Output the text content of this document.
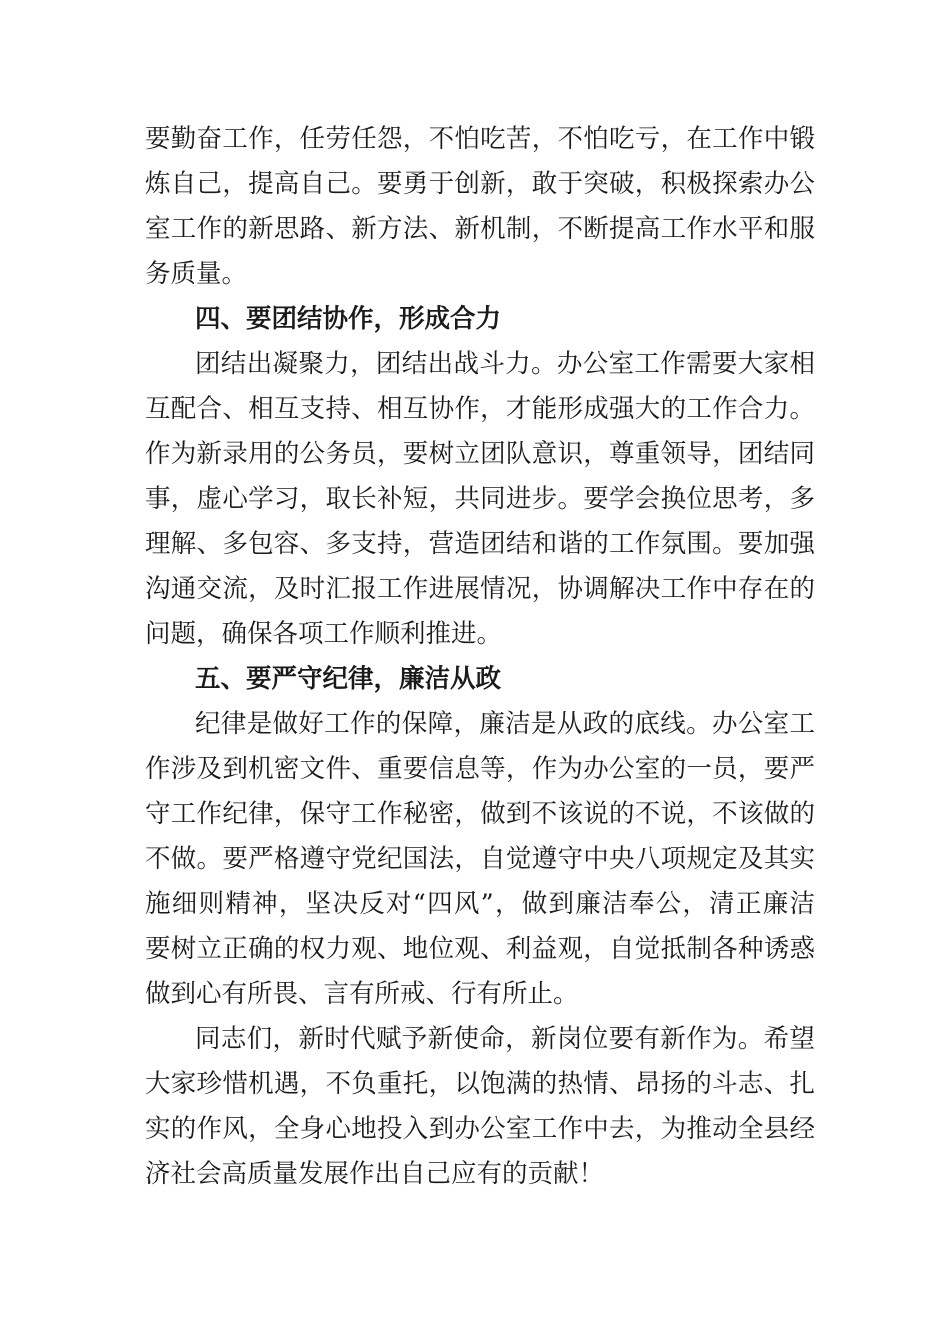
要勤奋工作，任劳任怨，不怕吃苦，不怕吃亏，在工作中锻
炼自己，提高自己。要勇于创新，敢于突破，积极探索办公
室工作的新思路、新方法、新机制，不断提高工作水平和服
务质量。
四、要团结协作，形成合力
团结出凝聚力，团结出战斗力。办公室工作需要大家相
互配合、相互支持、相互协作，才能形成强大的工作合力。
作为新录用的公务员，要树立团队意识，尊重领导，团结同
事，虚心学习，取长补短，共同进步。要学会换位思考，多
理解、多包容、多支持，营造团结和谐的工作氛围。要加强
沟通交流，及时汇报工作进展情况，协调解决工作中存在的
问题，确保各项工作顺利推进。
五、要严守纪律，廉洁从政
纪律是做好工作的保障，廉洁是从政的底线。办公室工
作涉及到机密文件、重要信息等，作为办公室的一员，要严
守工作纪律，保守工作秘密，做到不该说的不说，不该做的
不做。要严格遵守党纪国法，自觉遵守中央八项规定及其实
施细则精神，坚决反对“四风”，做到廉洁奉公，清正廉洁
要树立正确的权力观、地位观、利益观，自觉抵制各种诱惑
做到心有所畏、言有所戒、行有所止。
同志们，新时代赋予新使命，新岗位要有新作为。希望
大家珍惜机遇，不负重托，以饱满的热情、昂扬的斗志、扎
实的作风，全身心地投入到办公室工作中去，为推动全县经
济社会高质量发展作出自己应有的贡献！
